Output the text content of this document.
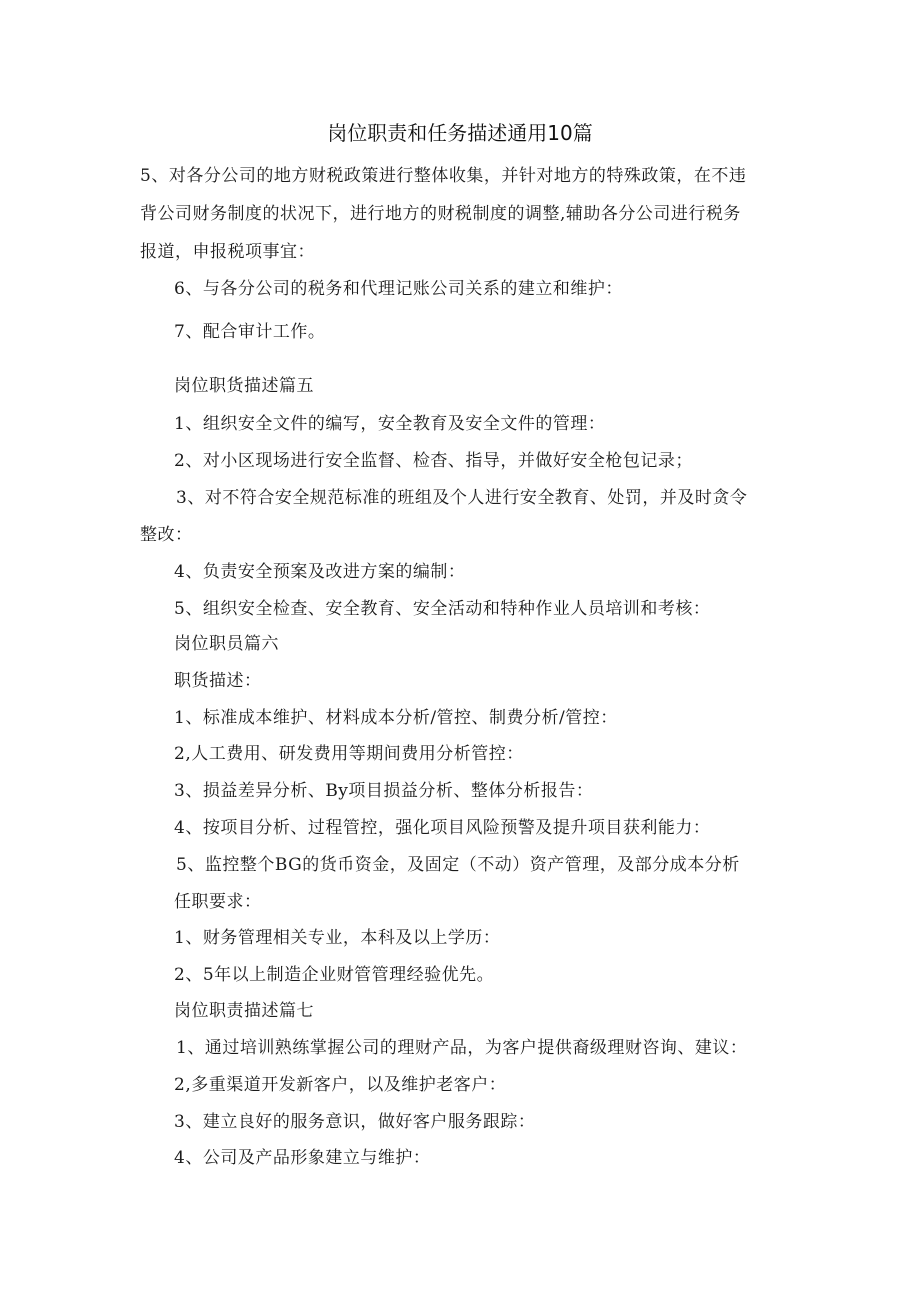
岗位职责和任务描述通用10篇
5、对各分公司的地方财税政策进行整体收集，并针对地方的特殊政策，在不违
背公司财务制度的状况下，进行地方的财税制度的调整,辅助各分公司进行税务
报道，申报税项事宜：
6、与各分公司的税务和代理记账公司关系的建立和维护：
7、配合审计工作。
岗位职货描述篇五
1、组织安全文件的编写，安全教育及安全文件的管理：
2、对小区现场进行安全监督、检杳、指导，并做好安全枪包记录；
3、对不符合安全规范标准的班组及个人进行安全教育、处罚，并及时贪令
整改：
4、负责安全预案及改进方案的编制：
5、组织安全检查、安全教育、安全活动和特种作业人员培训和考核：
岗位职员篇六
职货描述：
1、标准成本维护、材料成本分析/管控、制费分析/管控：
2,人工费用、研发费用等期间费用分析管控：
3、损益差异分析、By项目损益分析、整体分析报告：
4、按项目分析、过程管控，强化项目风险预警及提升项目获利能力：
5、监控整个BG的货币资金，及固定（不动）资产管理，及部分成本分析
任职要求：
1、财务管理相关专业，本科及以上学历：
2、5年以上制造企业财管管理经验优先。
岗位职责描述篇七
1、通过培训熟练掌握公司的理财产品，为客户提供裔级理财咨询、建议：
2,多重渠道开发新客户，以及维护老客户：
3、建立良好的服务意识，做好客户服务跟踪：
4、公司及产品形象建立与维护：
